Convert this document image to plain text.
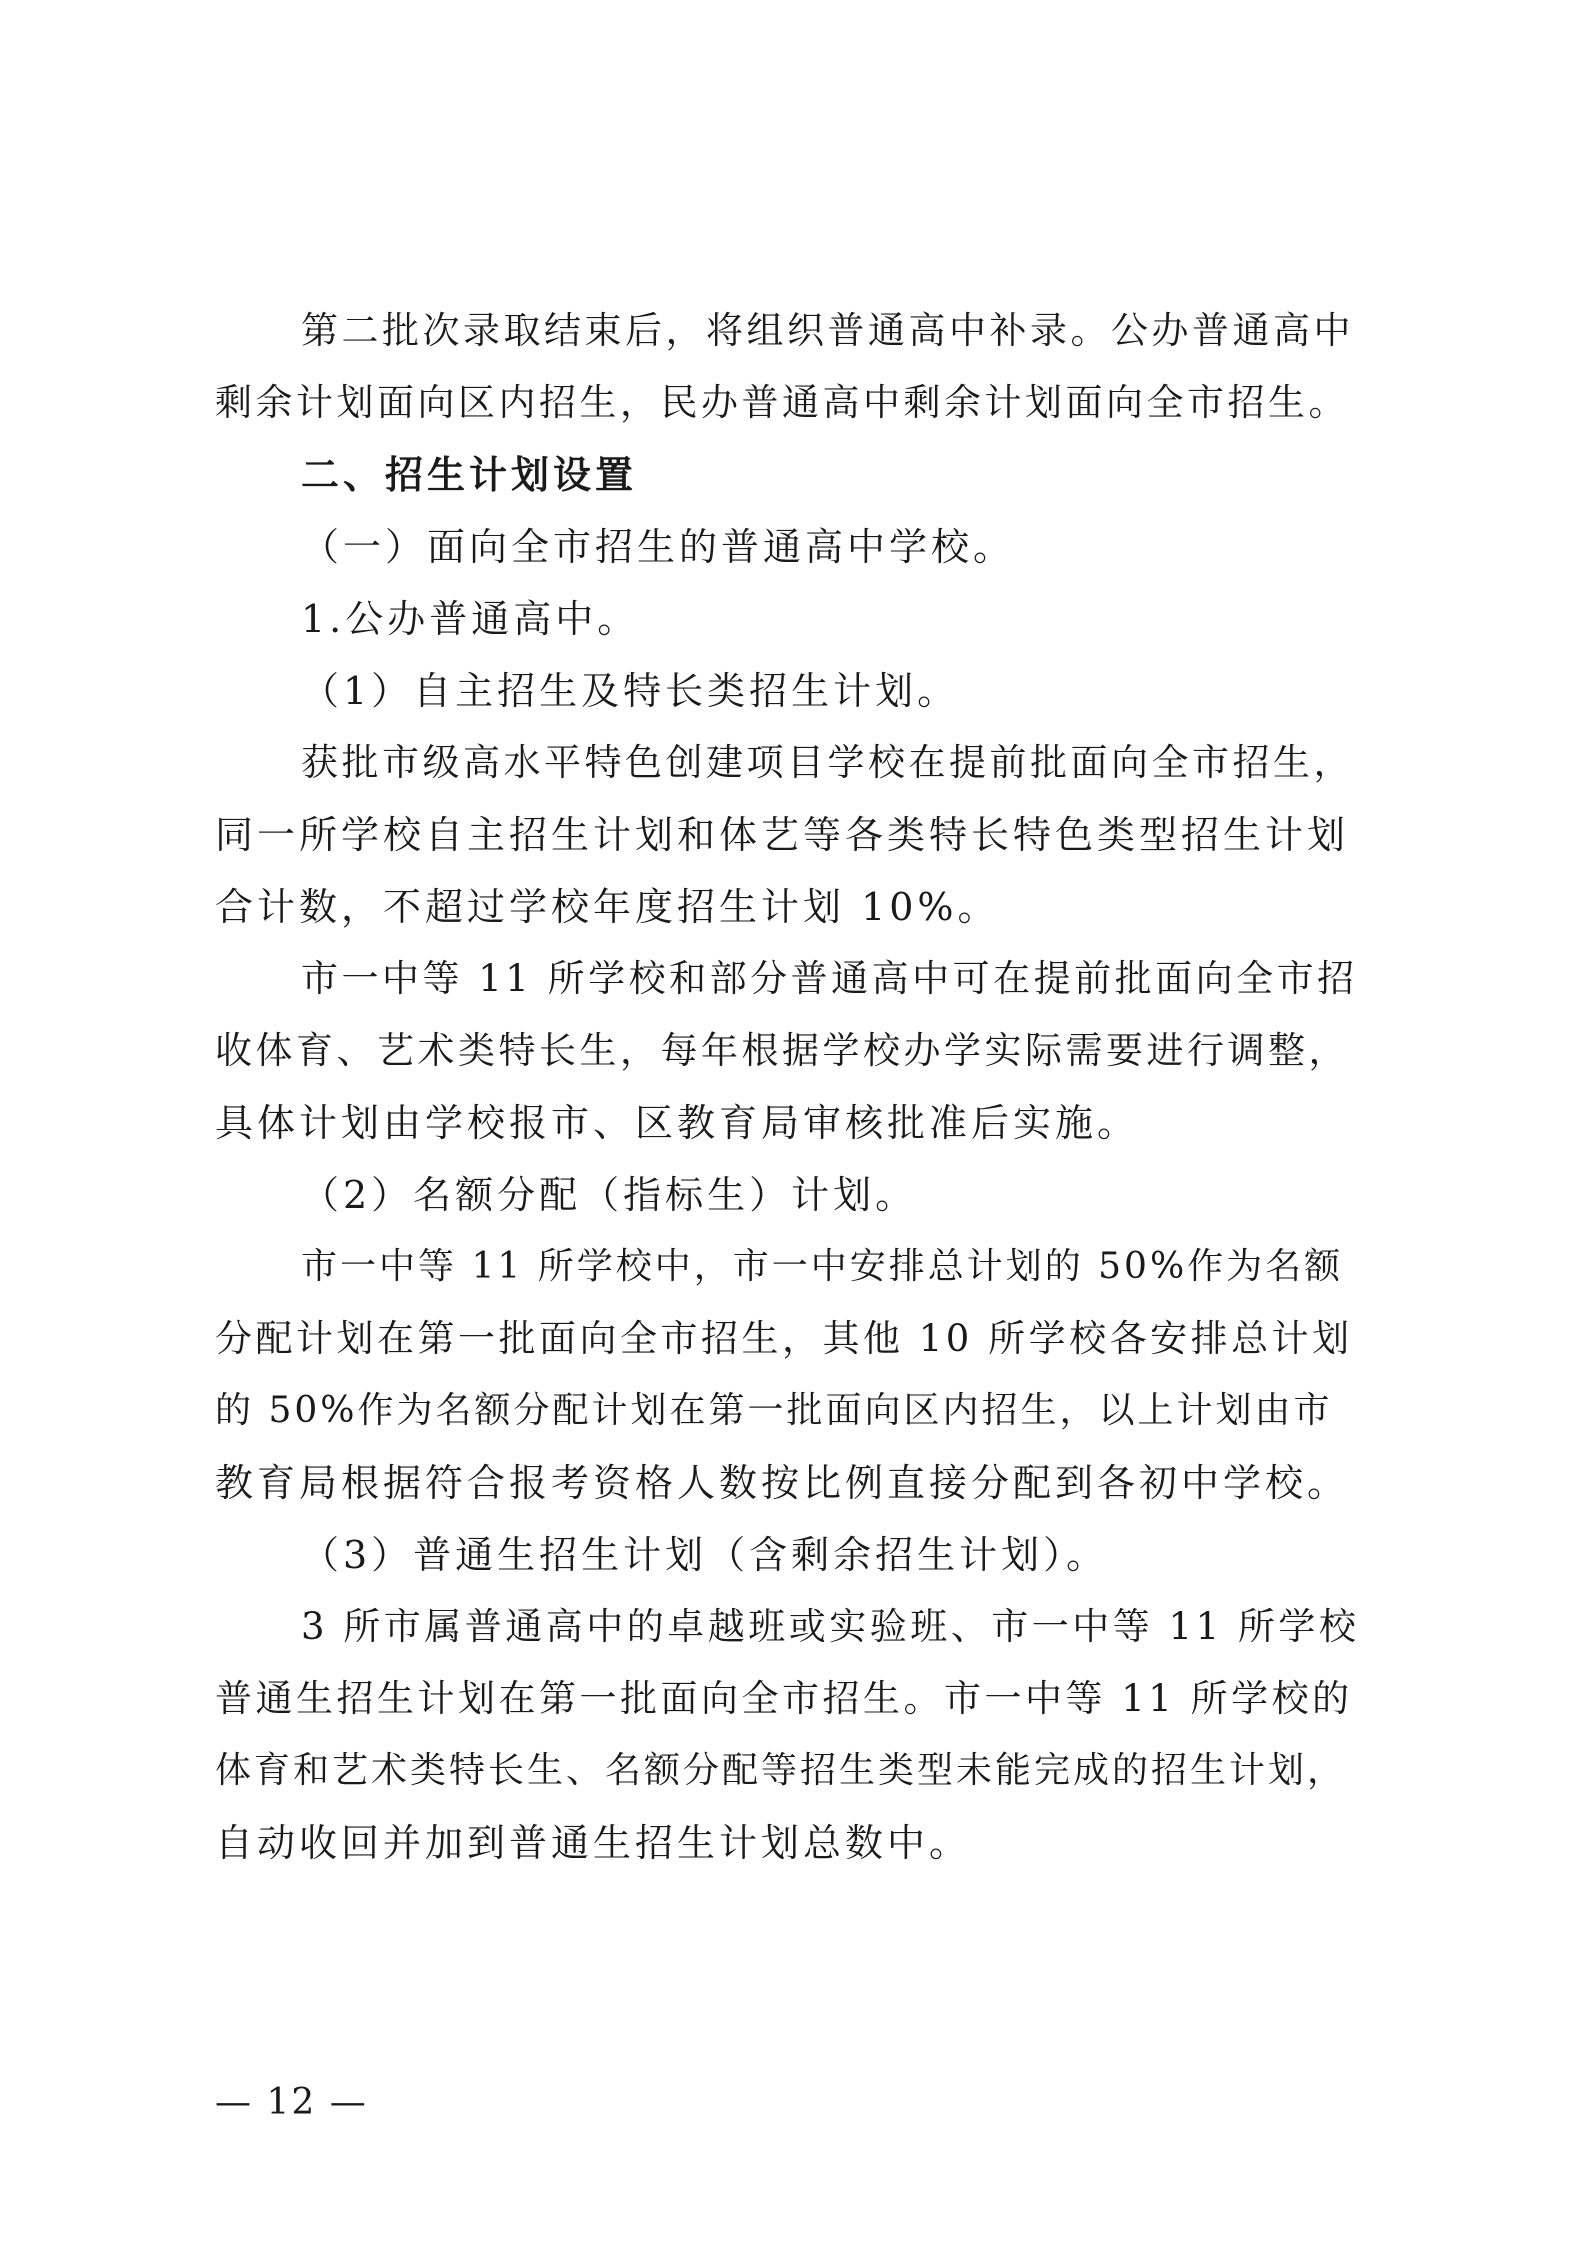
第二批次录取结束后，将组织普通高中补录。公办普通高中
剩余计划面向区内招生，民办普通高中剩余计划面向全市招生。
二、招生计划设置
（一）面向全市招生的普通高中学校。
1.公办普通高中。
（1）自主招生及特长类招生计划。
获批市级高水平特色创建项目学校在提前批面向全市招生，
同一所学校自主招生计划和体艺等各类特长特色类型招生计划
合计数，不超过学校年度招生计划 10%。
市一中等 11 所学校和部分普通高中可在提前批面向全市招
收体育、艺术类特长生，每年根据学校办学实际需要进行调整，
具体计划由学校报市、区教育局审核批准后实施。
（2）名额分配（指标生）计划。
市一中等 11 所学校中，市一中安排总计划的 50%作为名额
分配计划在第一批面向全市招生，其他 10 所学校各安排总计划
的 50%作为名额分配计划在第一批面向区内招生，以上计划由市
教育局根据符合报考资格人数按比例直接分配到各初中学校。
（3）普通生招生计划（含剩余招生计划）。
3 所市属普通高中的卓越班或实验班、市一中等 11 所学校
普通生招生计划在第一批面向全市招生。市一中等 11 所学校的
体育和艺术类特长生、名额分配等招生类型未能完成的招生计划，
自动收回并加到普通生招生计划总数中。
— 12 —
